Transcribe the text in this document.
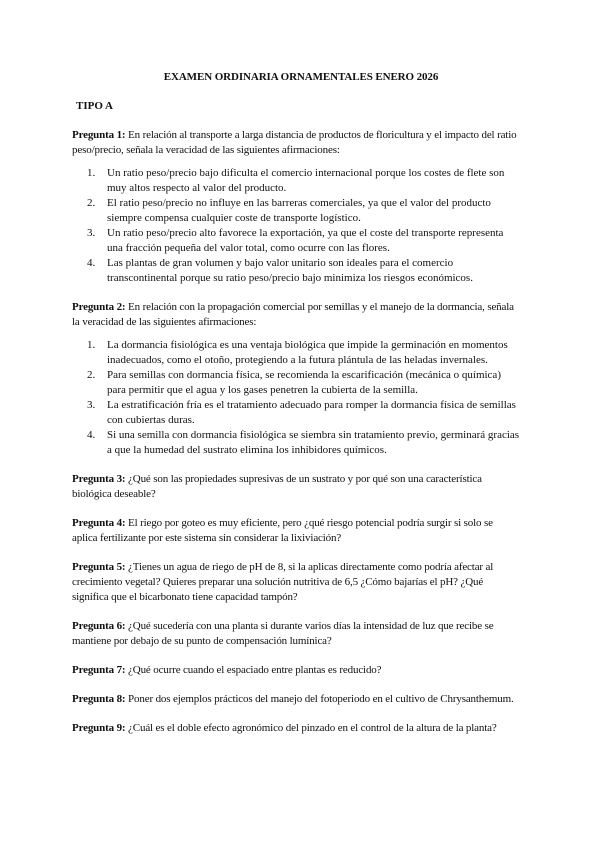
EXAMEN ORDINARIA ORNAMENTALES ENERO 2026
TIPO A
Pregunta 1: En relación al transporte a larga distancia de productos de floricultura y el impacto del ratio peso/precio, señala la veracidad de las siguientes afirmaciones:
1.	Un ratio peso/precio bajo dificulta el comercio internacional porque los costes de flete son muy altos respecto al valor del producto.
2.	El ratio peso/precio no influye en las barreras comerciales, ya que el valor del producto siempre compensa cualquier coste de transporte logístico.
3.	Un ratio peso/precio alto favorece la exportación, ya que el coste del transporte representa una fracción pequeña del valor total, como ocurre con las flores.
4.	Las plantas de gran volumen y bajo valor unitario son ideales para el comercio transcontinental porque su ratio peso/precio bajo minimiza los riesgos económicos.
Pregunta 2: En relación con la propagación comercial por semillas y el manejo de la dormancia, señala la veracidad de las siguientes afirmaciones:
1.	La dormancia fisiológica es una ventaja biológica que impide la germinación en momentos inadecuados, como el otoño, protegiendo a la futura plántula de las heladas invernales.
2.	Para semillas con dormancia física, se recomienda la escarificación (mecánica o química) para permitir que el agua y los gases penetren la cubierta de la semilla.
3.	La estratificación fría es el tratamiento adecuado para romper la dormancia física de semillas con cubiertas duras.
4.	Si una semilla con dormancia fisiológica se siembra sin tratamiento previo, germinará gracias a que la humedad del sustrato elimina los inhibidores químicos.
Pregunta 3: ¿Qué son las propiedades supresivas de un sustrato y por qué son una característica biológica deseable?
Pregunta 4: El riego por goteo es muy eficiente, pero ¿qué riesgo potencial podría surgir si solo se aplica fertilizante por este sistema sin considerar la lixiviación?
Pregunta 5: ¿Tienes un agua de riego de pH de 8, si la aplicas directamente como podría afectar al crecimiento vegetal? Quieres preparar una solución nutritiva de 6,5 ¿Cómo bajarías el pH? ¿Qué significa que el bicarbonato tiene capacidad tampón?
Pregunta 6: ¿Qué sucedería con una planta si durante varios días la intensidad de luz que recibe se mantiene por debajo de su punto de compensación lumínica?
Pregunta 7: ¿Qué ocurre cuando el espaciado entre plantas es reducido?
Pregunta 8: Poner dos ejemplos prácticos del manejo del fotoperiodo en el cultivo de Chrysanthemum.
Pregunta 9: ¿Cuál es el doble efecto agronómico del pinzado en el control de la altura de la planta?
